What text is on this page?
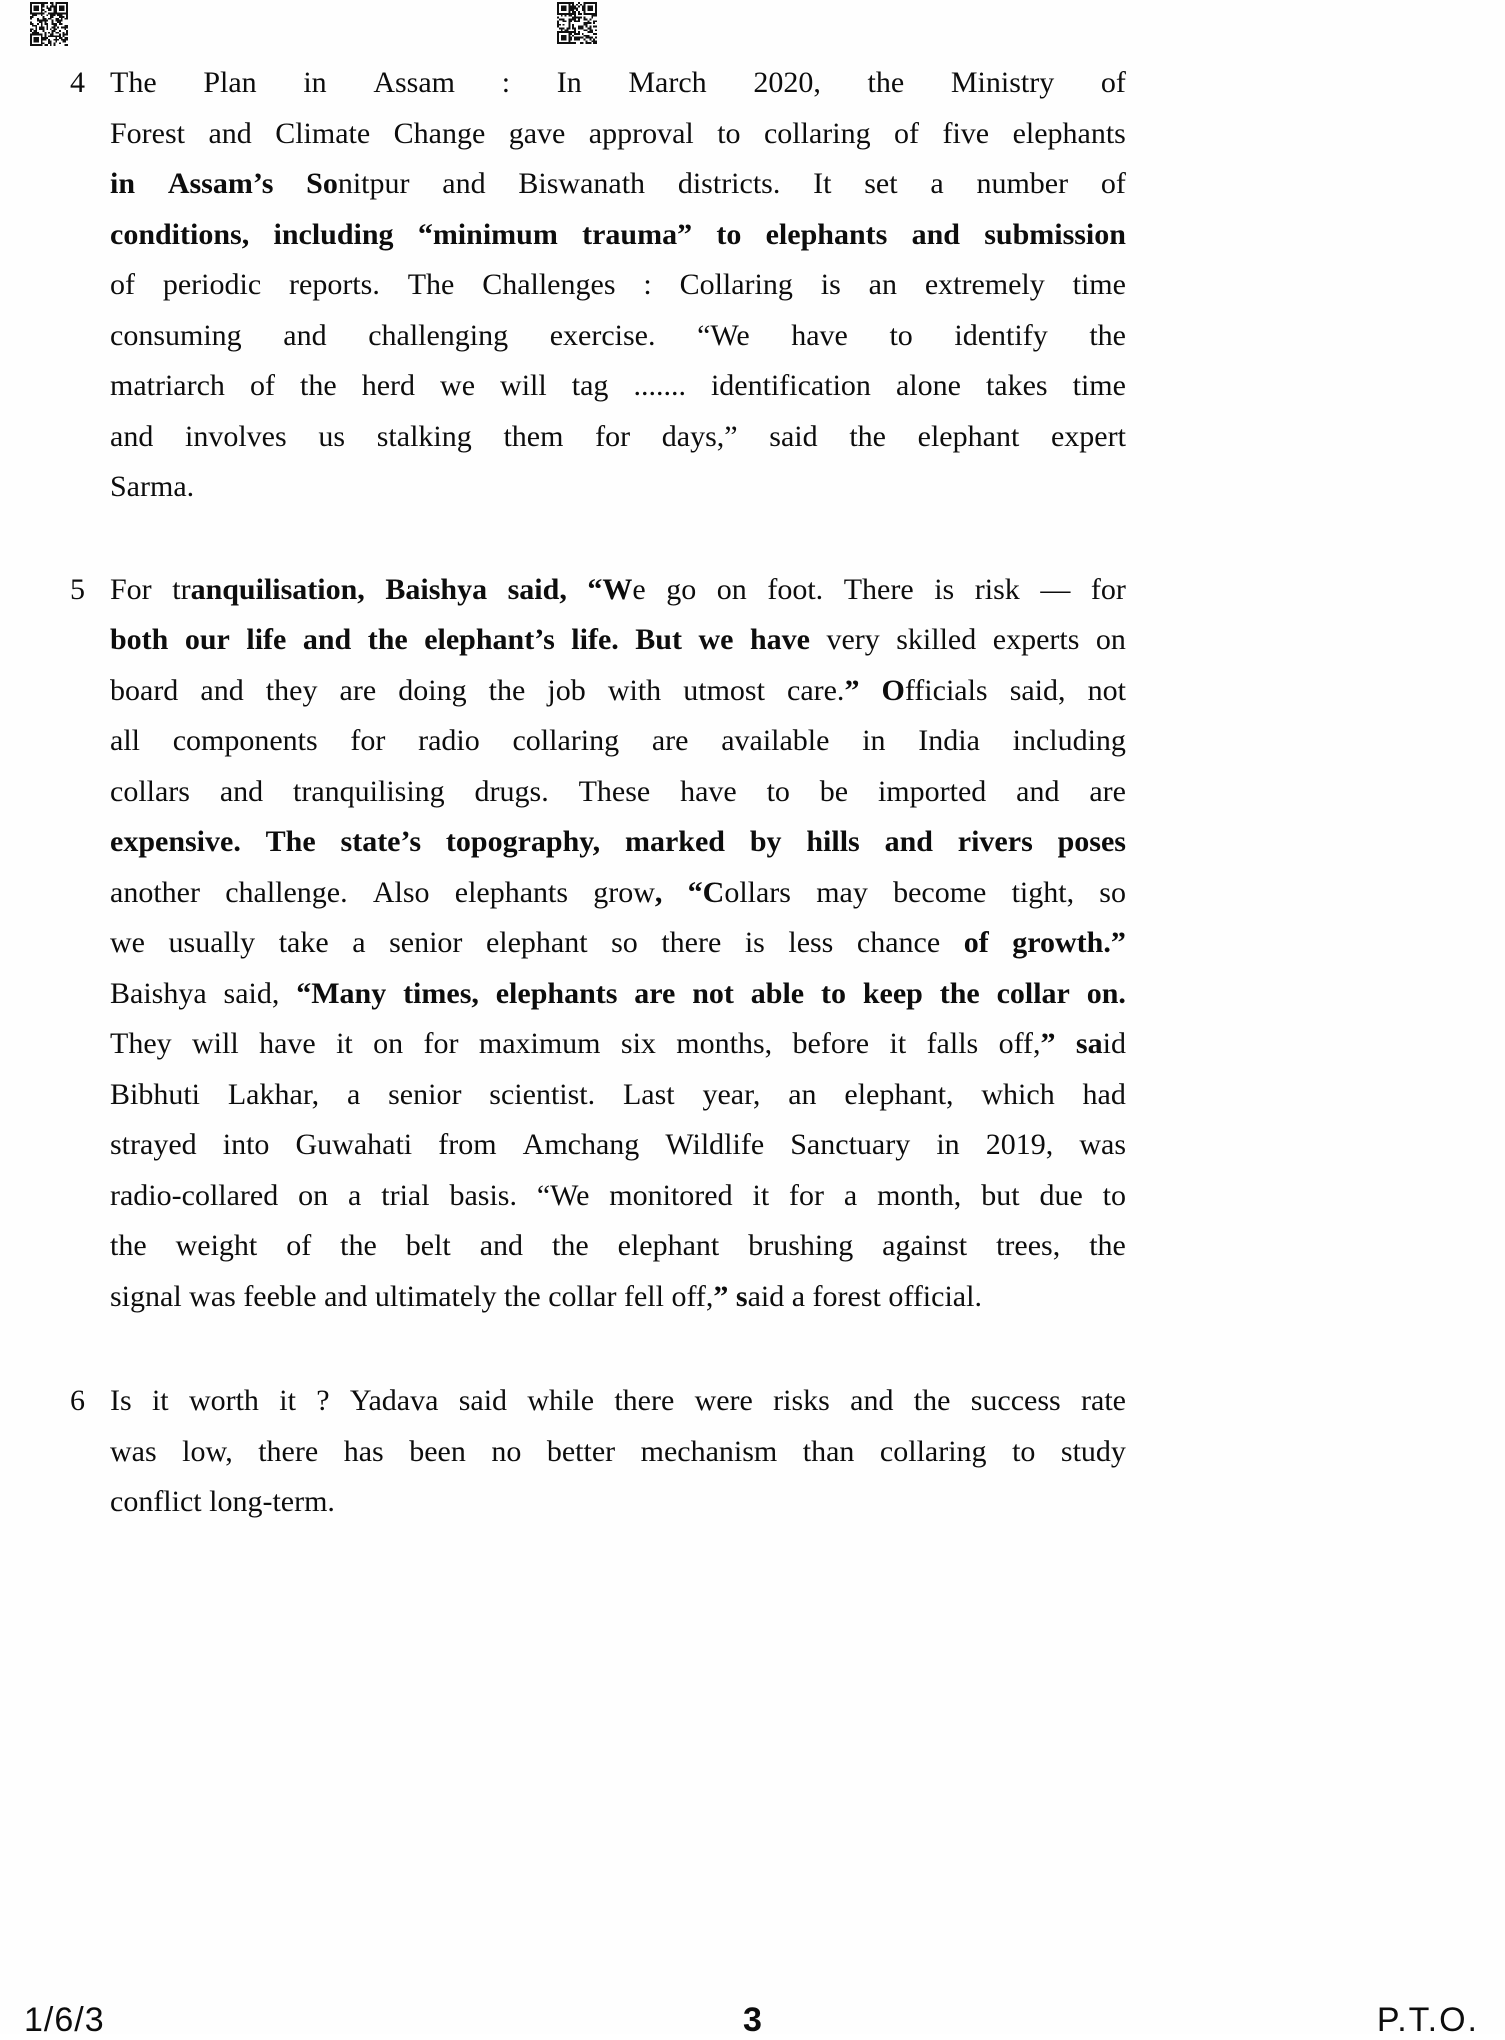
4 The Plan in Assam : In March 2020, the Ministry of
Forest and Climate Change gave approval to collaring of five elephants
in Assam’s Sonitpur and Biswanath districts. It set a number of
conditions, including “minimum trauma” to elephants and submission
of periodic reports. The Challenges : Collaring is an extremely time
consuming and challenging exercise. “We have to identify the
matriarch of the herd we will tag ....... identification alone takes time
and involves us stalking them for days,” said the elephant expert
Sarma.
5 For tranquilisation, Baishya said, “We go on foot. There is risk — for
both our life and the elephant’s life. But we have very skilled experts on
board and they are doing the job with utmost care.” Officials said, not
all components for radio collaring are available in India including
collars and tranquilising drugs. These have to be imported and are
expensive. The state’s topography, marked by hills and rivers poses
another challenge. Also elephants grow, “Collars may become tight, so
we usually take a senior elephant so there is less chance of growth.”
Baishya said, “Many times, elephants are not able to keep the collar on.
They will have it on for maximum six months, before it falls off,” said
Bibhuti Lakhar, a senior scientist. Last year, an elephant, which had
strayed into Guwahati from Amchang Wildlife Sanctuary in 2019, was
radio-collared on a trial basis. “We monitored it for a month, but due to
the weight of the belt and the elephant brushing against trees, the
signal was feeble and ultimately the collar fell off,” said a forest official.
6 Is it worth it ? Yadava said while there were risks and the success rate
was low, there has been no better mechanism than collaring to study
conflict long-term.
1/6/3	3	P.T.O.
